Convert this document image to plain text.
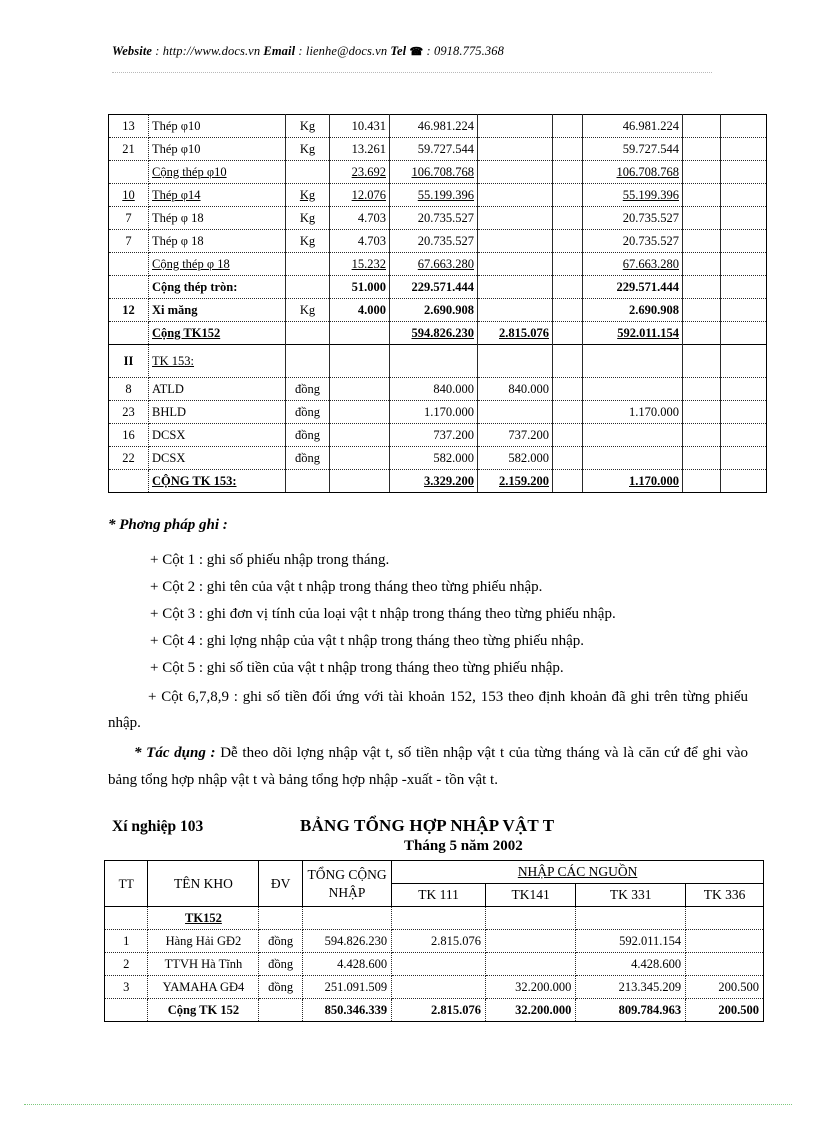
Website : http://www.docs.vn Email : lienhe@docs.vn Tel ☎ : 0918.775.368
13	Thép φ10	Kg	10.431	46.981.224			46.981.224		
21	Thép φ10	Kg	13.261	59.727.544			59.727.544		
	Cộng thép φ10		23.692	106.708.768			106.708.768		
10	Thép φ14	Kg	12.076	55.199.396			55.199.396		
7	Thép φ 18	Kg	4.703	20.735.527			20.735.527		
7	Thép φ 18	Kg	4.703	20.735.527			20.735.527		
	Cộng thép φ 18		15.232	67.663.280			67.663.280		
	Cộng thép tròn:		51.000	229.571.444			229.571.444		
12	Xi măng	Kg	4.000	2.690.908			2.690.908		
	Cộng TK152			594.826.230	2.815.076		592.011.154		
II	TK 153:								
8	ATLD	đồng		840.000	840.000				
23	BHLD	đồng		1.170.000			1.170.000		
16	DCSX	đồng		737.200	737.200				
22	DCSX	đồng		582.000	582.000				
	CỘNG TK 153:			3.329.200	2.159.200		1.170.000		
* Phơng pháp ghi :
+ Cột 1 : ghi số phiếu nhập trong tháng.
+ Cột 2 : ghi tên của vật t nhập trong tháng theo từng phiếu nhập.
+ Cột 3 : ghi đơn vị tính của loại vật t nhập trong tháng theo từng phiếu nhập.
+ Cột 4 : ghi lợng nhập của vật t nhập trong tháng theo từng phiếu nhập.
+ Cột 5 : ghi số tiền của vật t nhập trong tháng theo từng phiếu nhập.
+ Cột 6,7,8,9 : ghi số tiền đối ứng với tài khoản 152, 153 theo định khoản đã ghi trên từng phiếu nhập.
* Tác dụng : Dễ theo dõi lợng nhập vật t, số tiền nhập vật t của từng tháng và là căn cứ để ghi vào bảng tổng hợp nhập vật t và bảng tổng hợp nhập -xuất - tồn vật t.
Xí nghiệp 103	BẢNG TỔNG HỢP NHẬP VẬT T
Tháng 5 năm 2002
TT	TÊN KHO	ĐV	TỔNG CỘNG
NHẬP	NHẬP CÁC NGUỒN			
				TK 111	TK141	TK 331	TK 336
	TK152						
1	Hàng Hải GĐ2	đồng	594.826.230	2.815.076		592.011.154	
2	TTVH Hà Tĩnh	đồng	4.428.600			4.428.600	
3	YAMAHA GĐ4	đồng	251.091.509		32.200.000	213.345.209	200.500
	Cộng TK 152		850.346.339	2.815.076	32.200.000	809.784.963	200.500
